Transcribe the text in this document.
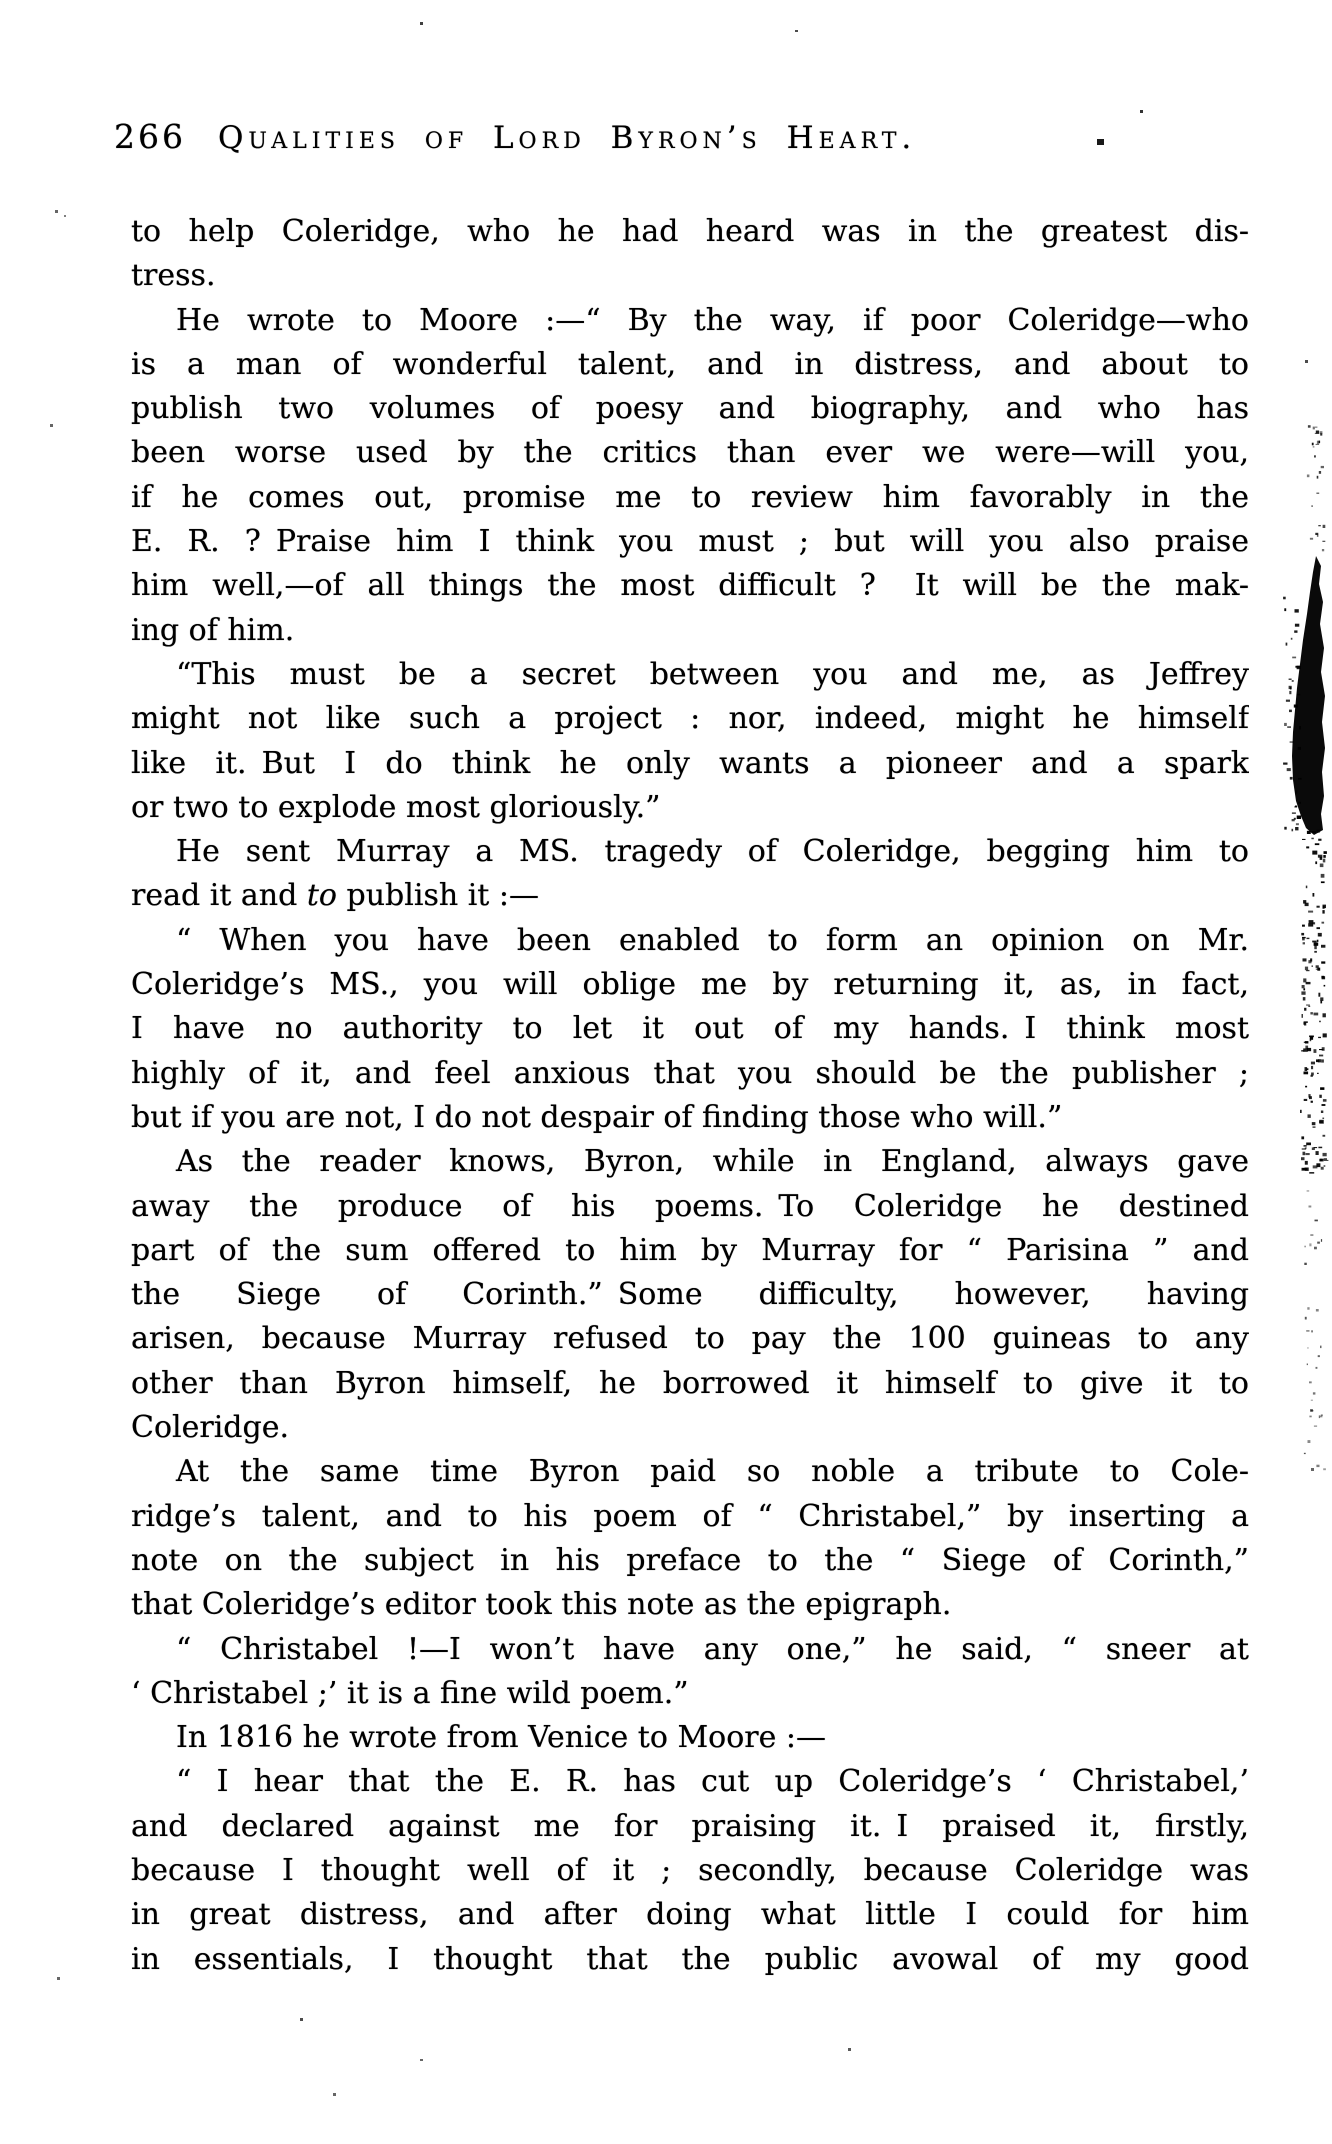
266 Qualities of Lord Byron’s Heart.
to help Coleridge, who he had heard was in the greatest dis-
tress.
He wrote to Moore :—“ By the way, if poor Coleridge—who
is a man of wonderful talent, and in distress, and about to
publish two volumes of poesy and biography, and who has
been worse used by the critics than ever we were—will you,
if he comes out, promise me to review him favorably in the
E. R. ? Praise him I think you must ; but will you also praise
him well,—of all things the most difficult ?  It will be the mak-
ing of him.
“This must be a secret between you and me, as Jeffrey
might not like such a project : nor, indeed, might he himself
like it. But I do think he only wants a pioneer and a spark
or two to explode most gloriously.”
He sent Murray a MS. tragedy of Coleridge, begging him to
read it and to publish it :—
“ When you have been enabled to form an opinion on Mr.
Coleridge’s MS., you will oblige me by returning it, as, in fact,
I have no authority to let it out of my hands. I think most
highly of it, and feel anxious that you should be the publisher ;
but if you are not, I do not despair of finding those who will.”
As the reader knows, Byron, while in England, always gave
away the produce of his poems. To Coleridge he destined
part of the sum offered to him by Murray for “ Parisina ” and
the Siege of Corinth.” Some difficulty, however, having
arisen, because Murray refused to pay the 100 guineas to any
other than Byron himself, he borrowed it himself to give it to
Coleridge.
At the same time Byron paid so noble a tribute to Cole-
ridge’s talent, and to his poem of “ Christabel,” by inserting a
note on the subject in his preface to the “ Siege of Corinth,”
that Coleridge’s editor took this note as the epigraph.
“ Christabel !—I won’t have any one,” he said, “ sneer at
‘ Christabel ;’ it is a fine wild poem.”
In 1816 he wrote from Venice to Moore :—
“ I hear that the E. R. has cut up Coleridge’s ‘ Christabel,’
and declared against me for praising it. I praised it, firstly,
because I thought well of it ; secondly, because Coleridge was
in great distress, and after doing what little I could for him
in essentials, I thought that the public avowal of my good
